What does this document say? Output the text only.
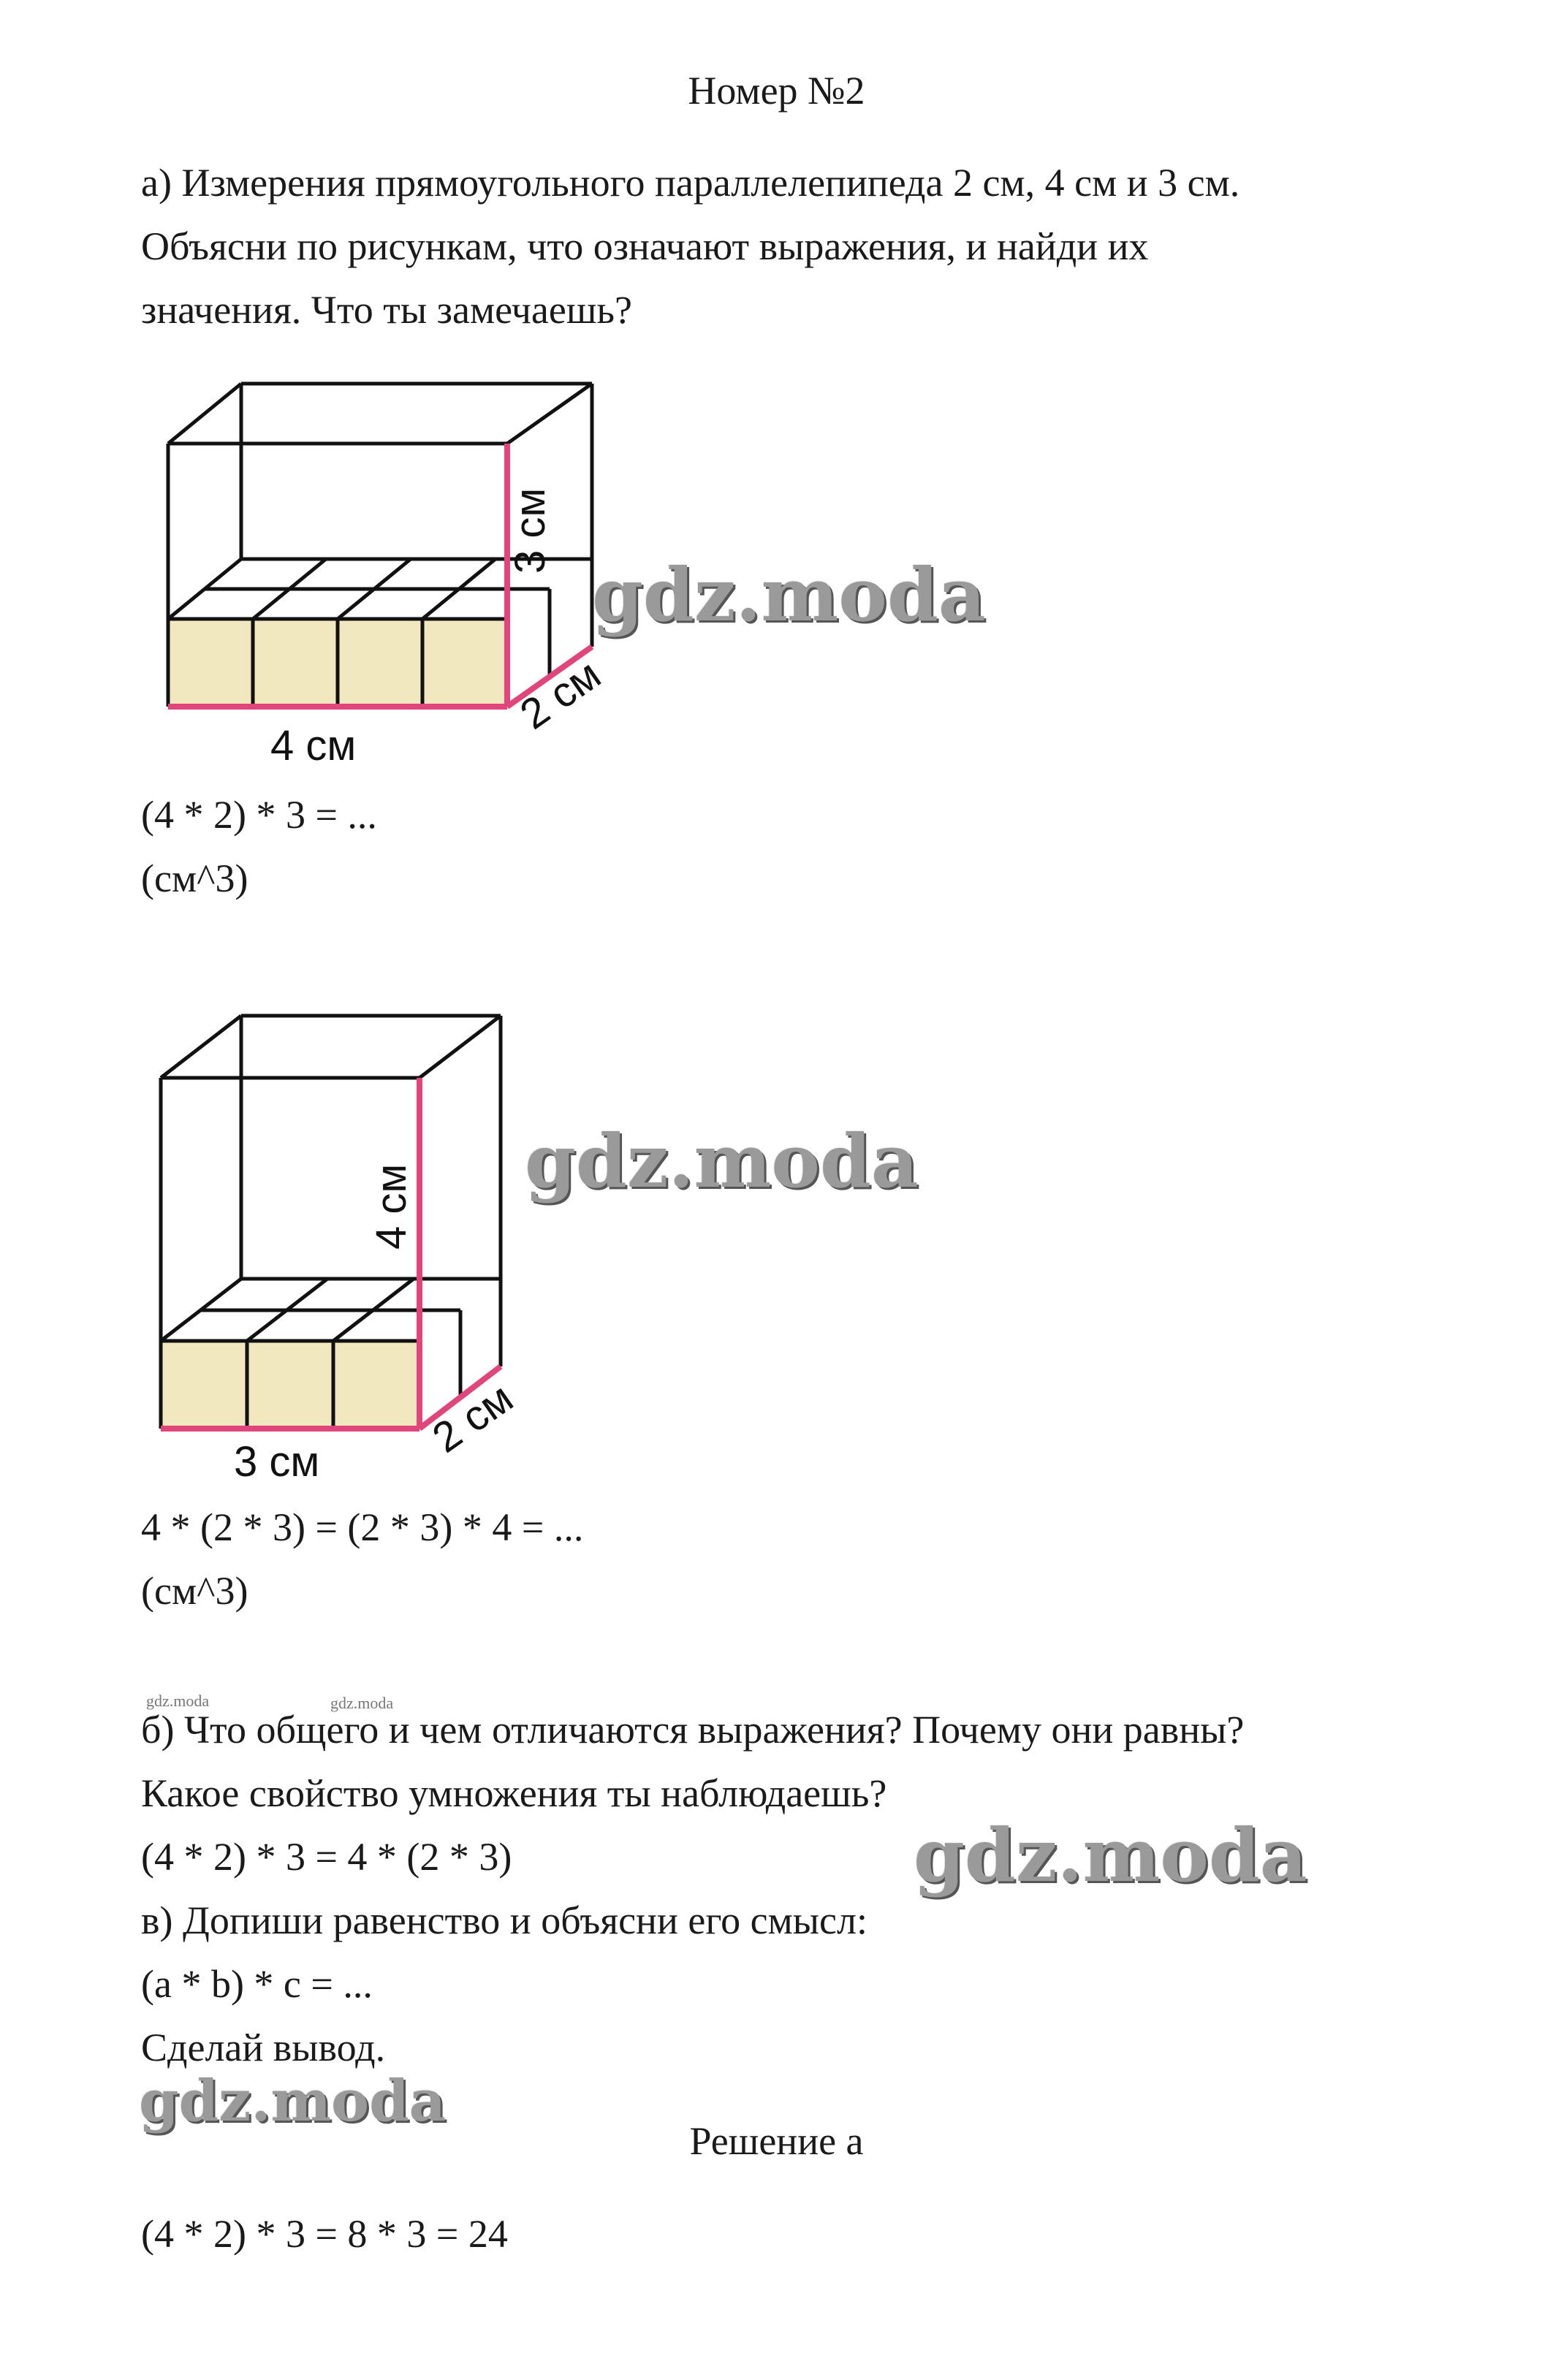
Номер №2
а) Измерения прямоугольного параллелепипеда 2 см, 4 см и 3 см.
Объясни по рисункам, что означают выражения, и найди их
значения. Что ты замечаешь?
4 см
3 см
2 см
gdz.moda
(4 * 2) * 3 = ...
(см^3)
3 см
4 см
2 см
gdz.moda
4 * (2 * 3) = (2 * 3) * 4 = ...
(см^3)
gdz.moda	gdz.moda
б) Что общего и чем отличаются выражения? Почему они равны?
Какое свойство умножения ты наблюдаешь?
(4 * 2) * 3 = 4 * (2 * 3)	gdz.moda
в) Допиши равенство и объясни его смысл:
(a * b) * c = ...
Сделай вывод.
gdz.moda
Решение а
(4 * 2) * 3 = 8 * 3 = 24
